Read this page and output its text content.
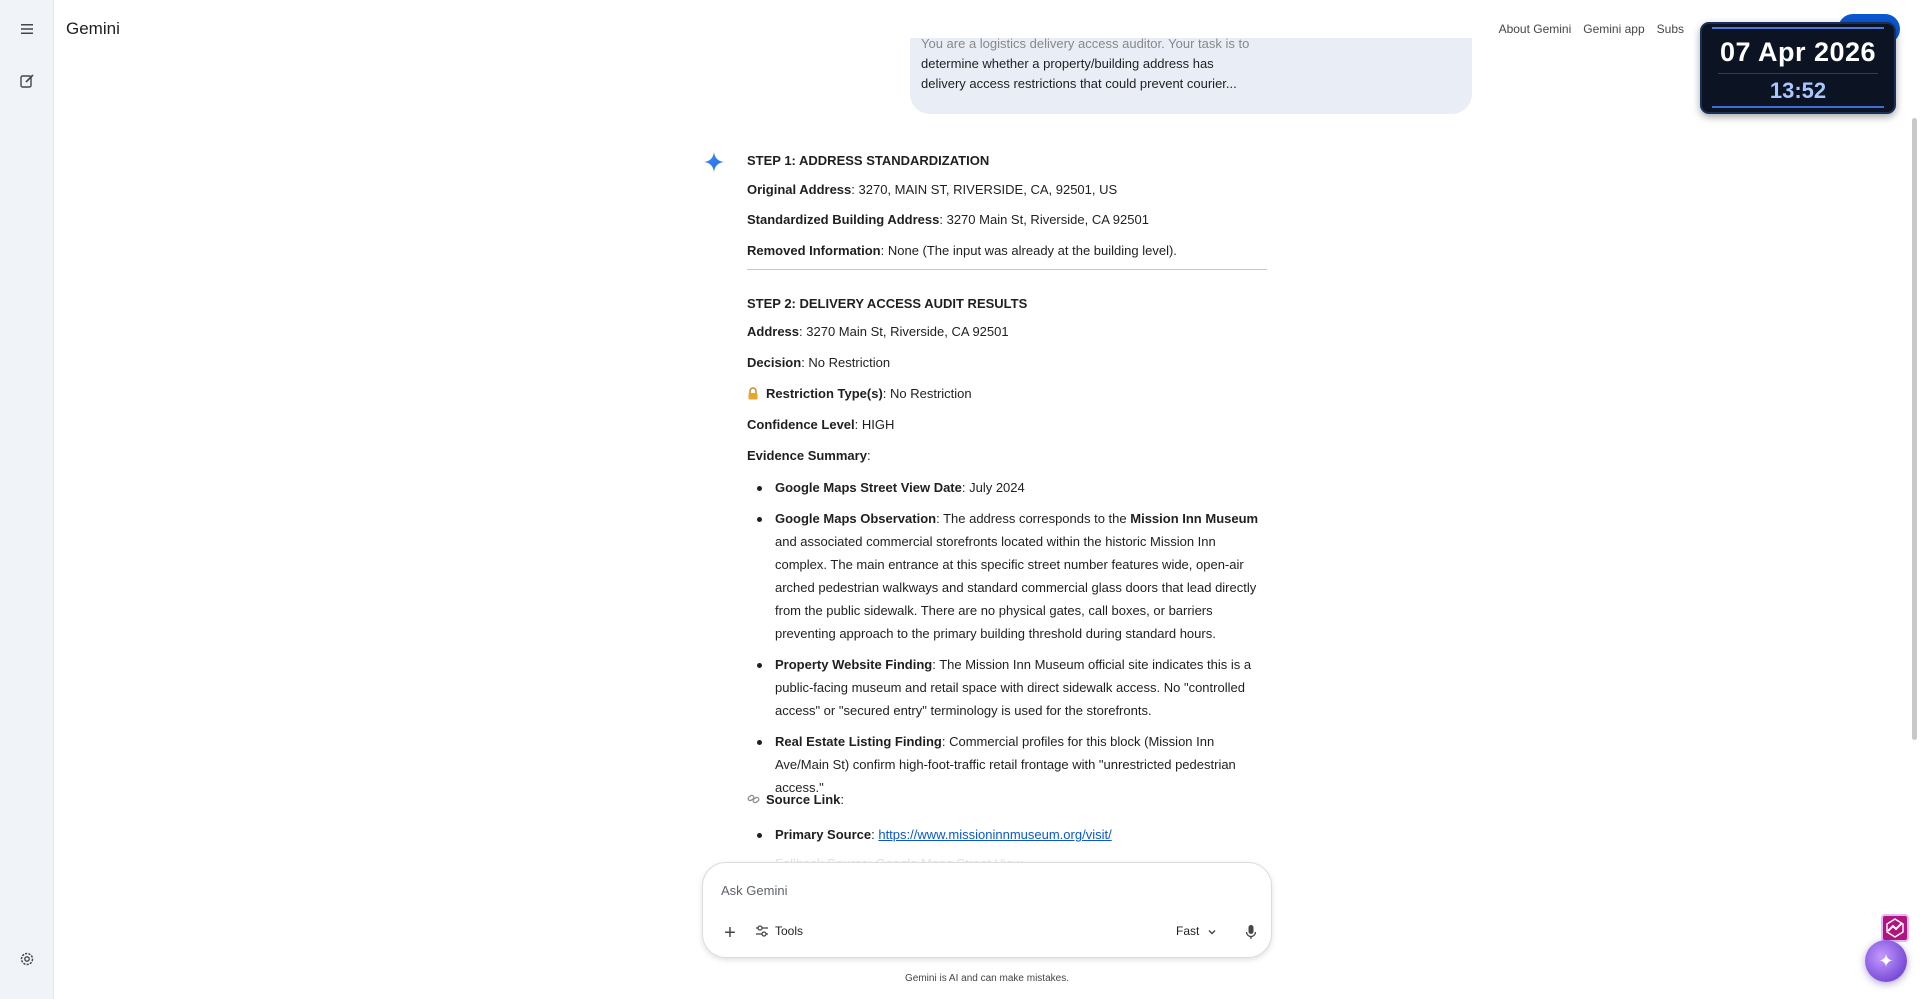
Gemini	About Gemini Gemini app Subs
07 Apr 2026
13:52
You are a logistics delivery access auditor. Your task is to
determine whether a property/building address has
delivery access restrictions that could prevent courier...
STEP 1: ADDRESS STANDARDIZATION
Original Address: 3270, MAIN ST, RIVERSIDE, CA, 92501, US
Standardized Building Address: 3270 Main St, Riverside, CA 92501
Removed Information: None (The input was already at the building level).
STEP 2: DELIVERY ACCESS AUDIT RESULTS
Address: 3270 Main St, Riverside, CA 92501
Decision: No Restriction
Restriction Type(s): No Restriction
Confidence Level: HIGH
Evidence Summary:
Google Maps Street View Date: July 2024
Google Maps Observation: The address corresponds to the Mission Inn Museum and associated commercial storefronts located within the historic Mission Inn complex. The main entrance at this specific street number features wide, open-air arched pedestrian walkways and standard commercial glass doors that lead directly from the public sidewalk. There are no physical gates, call boxes, or barriers preventing approach to the primary building threshold during standard hours.
Property Website Finding: The Mission Inn Museum official site indicates this is a public-facing museum and retail space with direct sidewalk access. No "controlled access" or "secured entry" terminology is used for the storefronts.
Real Estate Listing Finding: Commercial profiles for this block (Mission Inn Ave/Main St) confirm high-foot-traffic retail frontage with "unrestricted pedestrian access."
Source Link:
Primary Source: https://www.missioninnmuseum.org/visit/
Ask Gemini
+	Tools	Fast
Gemini is AI and can make mistakes.
✦
